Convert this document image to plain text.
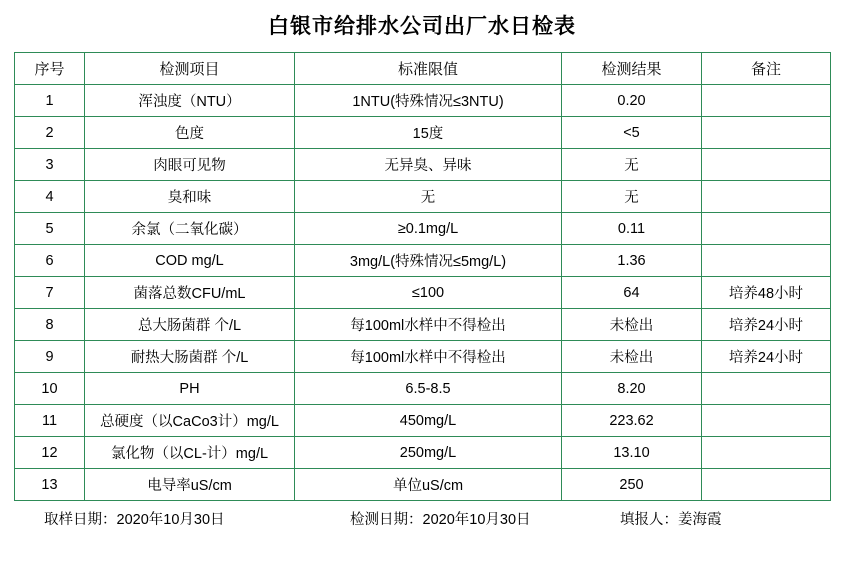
白银市给排水公司出厂水日检表
序号	检测项目	标准限值	检测结果	备注
1	浑浊度（NTU）	1NTU(特殊情况≤3NTU)	0.20	
2	色度	15度	<5	
3	肉眼可见物	无异臭、异味	无	
4	臭和味	无	无	
5	余氯（二氧化碳）	≥0.1mg/L	0.11	
6	COD mg/L	3mg/L(特殊情况≤5mg/L)	1.36	
7	菌落总数CFU/mL	≤100	64	培养48小时
8	总大肠菌群 个/L	每100ml水样中不得检出	未检出	培养24小时
9	耐热大肠菌群 个/L	每100ml水样中不得检出	未检出	培养24小时
10	PH	6.5-8.5	8.20	
11	总硬度（以CaCo3计）mg/L	450mg/L	223.62	
12	氯化物（以CL-计）mg/L	250mg/L	13.10	
13	电导率uS/cm	单位uS/cm	250	
取样日期：2020年10月30日	检测日期：2020年10月30日	填报人：姜海霞
